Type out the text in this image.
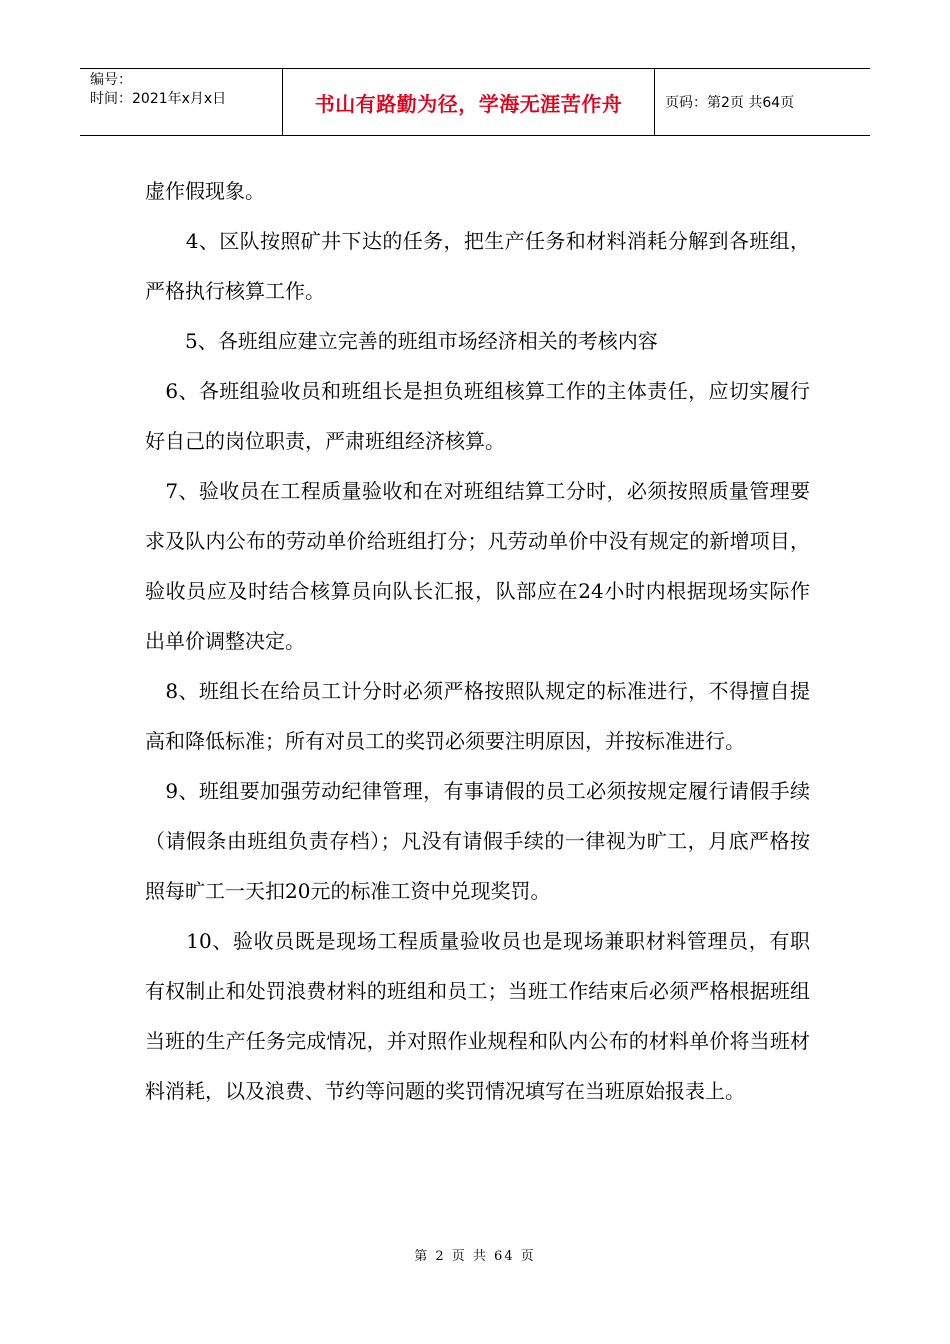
编号：
时间：2021年x月x日	书山有路勤为径，学海无涯苦作舟	页码：第2页 共64页

虚作假现象。

　　4、区队按照矿井下达的任务，把生产任务和材料消耗分解到各班组，严格执行核算工作。

　　5、各班组应建立完善的班组市场经济相关的考核内容

　6、各班组验收员和班组长是担负班组核算工作的主体责任，应切实履行好自己的岗位职责，严肃班组经济核算。

　7、验收员在工程质量验收和在对班组结算工分时，必须按照质量管理要求及队内公布的劳动单价给班组打分；凡劳动单价中没有规定的新增项目，验收员应及时结合核算员向队长汇报，队部应在24小时内根据现场实际作出单价调整决定。

　8、班组长在给员工计分时必须严格按照队规定的标准进行，不得擅自提高和降低标准；所有对员工的奖罚必须要注明原因，并按标准进行。

　9、班组要加强劳动纪律管理，有事请假的员工必须按规定履行请假手续（请假条由班组负责存档）；凡没有请假手续的一律视为旷工，月底严格按照每旷工一天扣20元的标准工资中兑现奖罚。

　　10、验收员既是现场工程质量验收员也是现场兼职材料管理员，有职有权制止和处罚浪费材料的班组和员工；当班工作结束后必须严格根据班组当班的生产任务完成情况，并对照作业规程和队内公布的材料单价将当班材料消耗，以及浪费、节约等问题的奖罚情况填写在当班原始报表上。

第 2 页 共 64 页
